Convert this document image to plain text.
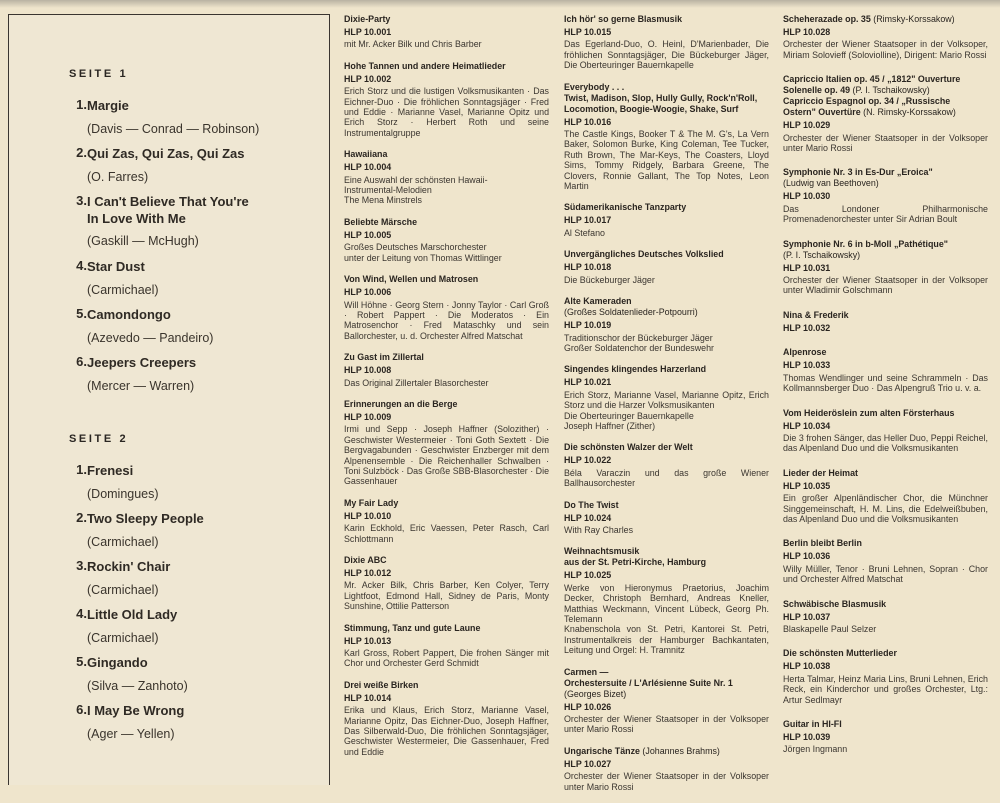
SEITE 1
1. Margie
(Davis — Conrad — Robinson)
2. Qui Zas, Qui Zas, Qui Zas
(O. Farres)
3. I Can't Believe That You're
In Love With Me
(Gaskill — McHugh)
4. Star Dust
(Carmichael)
5. Camondongo
(Azevedo — Pandeiro)
6. Jeepers Creepers
(Mercer — Warren)
SEITE 2
1. Frenesi
(Domingues)
2. Two Sleepy People
(Carmichael)
3. Rockin' Chair
(Carmichael)
4. Little Old Lady
(Carmichael)
5. Gingando
(Silva — Zanhoto)
6. I May Be Wrong
(Ager — Yellen)
Dixie-Party
HLP 10.001
mit Mr. Acker Bilk und Chris Barber
Hohe Tannen und andere Heimatlieder
HLP 10.002
Erich Storz und die lustigen Volksmusikanten · Das Eichner-Duo · Die fröhlichen Sonntagsjäger · Fred und Eddie · Marianne Vasel, Marianne Opitz und Erich Storz · Herbert Roth und seine Instrumentalgruppe
Hawaiiana
HLP 10.004
Eine Auswahl der schönsten Hawaii-
Instrumental-Melodien
The Mena Minstrels
Beliebte Märsche
HLP 10.005
Großes Deutsches Marschorchester
unter der Leitung von Thomas Wittlinger
Von Wind, Wellen und Matrosen
HLP 10.006
Will Höhne · Georg Stern · Jonny Taylor · Carl Groß · Robert Pappert · Die Moderatos · Ein Matrosenchor · Fred Mataschky und sein Ballorchester, u. d. Orchester Alfred Matschat
Zu Gast im Zillertal
HLP 10.008
Das Original Zillertaler Blasorchester
Erinnerungen an die Berge
HLP 10.009
Irmi und Sepp · Joseph Haffner (Solozither) · Geschwister Westermeier · Toni Goth Sextett · Die Bergvagabunden · Geschwister Enzberger mit dem Alpenensemble · Die Reichenhaller Schwalben · Toni Sulzböck · Das Große SBB-Blasorchester · Die Gassenhauer
My Fair Lady
HLP 10.010
Karin Eckhold, Eric Vaessen, Peter Rasch, Carl Schlottmann
Dixie ABC
HLP 10.012
Mr. Acker Bilk, Chris Barber, Ken Colyer, Terry Lightfoot, Edmond Hall, Sidney de Paris, Monty Sunshine, Ottilie Patterson
Stimmung, Tanz und gute Laune
HLP 10.013
Karl Gross, Robert Pappert, Die frohen Sänger mit Chor und Orchester Gerd Schmidt
Drei weiße Birken
HLP 10.014
Erika und Klaus, Erich Storz, Marianne Vasel, Marianne Opitz, Das Eichner-Duo, Joseph Haffner, Das Silberwald-Duo, Die fröhlichen Sonntagsjäger, Geschwister Westermeier, Die Gassenhauer, Fred und Eddie
Ich hör' so gerne Blasmusik
HLP 10.015
Das Egerland-Duo, O. Heinl, D'Marienbader, Die fröhlichen Sonntagsjäger, Die Bückeburger Jäger, Die Oberteuringer Bauernkapelle
Everybody . . .
Twist, Madison, Slop, Hully Gully, Rock'n'Roll, Locomotion, Boogie-Woogie, Shake, Surf
HLP 10.016
The Castle Kings, Booker T & The M. G's, La Vern Baker, Solomon Burke, King Coleman, Tee Tucker, Ruth Brown, The Mar-Keys, The Coasters, Lloyd Sims, Tommy Ridgely, Barbara Greene, The Clovers, Ronnie Gallant, The Top Notes, Leon Martin
Südamerikanische Tanzparty
HLP 10.017
Al Stefano
Unvergängliches Deutsches Volkslied
HLP 10.018
Die Bückeburger Jäger
Alte Kameraden
(Großes Soldatenlieder-Potpourri)
HLP 10.019
Traditionschor der Bückeburger Jäger
Großer Soldatenchor der Bundeswehr
Singendes klingendes Harzerland
HLP 10.021
Erich Storz, Marianne Vasel, Marianne Opitz, Erich Storz und die Harzer Volksmusikanten
Die Oberteuringer Bauernkapelle
Joseph Haffner (Zither)
Die schönsten Walzer der Welt
HLP 10.022
Béla Varaczin und das große Wiener Ballhausorchester
Do The Twist
HLP 10.024
With Ray Charles
Weihnachtsmusik
aus der St. Petri-Kirche, Hamburg
HLP 10.025
Werke von Hieronymus Praetorius, Joachim Decker, Christoph Bernhard, Andreas Kneller, Matthias Weckmann, Vincent Lübeck, Georg Ph. Telemann
Knabenschola von St. Petri, Kantorei St. Petri, Instrumentalkreis der Hamburger Bachkantaten, Leitung und Orgel: H. Tramnitz
Carmen —
Orchestersuite / L'Arlésienne Suite Nr. 1
(Georges Bizet)
HLP 10.026
Orchester der Wiener Staatsoper in der Volksoper unter Mario Rossi
Ungarische Tänze (Johannes Brahms)
HLP 10.027
Orchester der Wiener Staatsoper in der Volksoper unter Mario Rossi
Scheherazade op. 35 (Rimsky-Korssakow)
HLP 10.028
Orchester der Wiener Staatsoper in der Volksoper, Miriam Solovieff (Soloviolline), Dirigent: Mario Rossi
Capriccio Italien op. 45 / „1812" Ouverture
Solenelle op. 49 (P. I. Tschaikowsky)
Capriccio Espagnol op. 34 / „Russische
Ostern" Ouvertüre (N. Rimsky-Korssakow)
HLP 10.029
Orchester der Wiener Staatsoper in der Volksoper unter Mario Rossi
Symphonie Nr. 3 in Es-Dur „Eroica"
(Ludwig van Beethoven)
HLP 10.030
Das Londoner Philharmonische Promenadenorchester unter Sir Adrian Boult
Symphonie Nr. 6 in b-Moll „Pathétique"
(P. I. Tschaikowsky)
HLP 10.031
Orchester der Wiener Staatsoper in der Volksoper unter Wladimir Golschmann
Nina & Frederik
HLP 10.032
Alpenrose
HLP 10.033
Thomas Wendlinger und seine Schrammeln · Das Kollmannsberger Duo · Das Alpengruß Trio u. v. a.
Vom Heideröslein zum alten Försterhaus
HLP 10.034
Die 3 frohen Sänger, das Heller Duo, Peppi Reichel, das Alpenland Duo und die Volksmusikanten
Lieder der Heimat
HLP 10.035
Ein großer Alpenländischer Chor, die Münchner Singgemeinschaft, H. M. Lins, die Edelweißbuben, das Alpenland Duo und die Volksmusikanten
Berlin bleibt Berlin
HLP 10.036
Willy Müller, Tenor · Bruni Lehnen, Sopran · Chor und Orchester Alfred Matschat
Schwäbische Blasmusik
HLP 10.037
Blaskapelle Paul Selzer
Die schönsten Mutterlieder
HLP 10.038
Herta Talmar, Heinz Maria Lins, Bruni Lehnen, Erich Reck, ein Kinderchor und großes Orchester, Ltg.: Artur Sedlmayr
Guitar in HI-FI
HLP 10.039
Jörgen Ingmann
